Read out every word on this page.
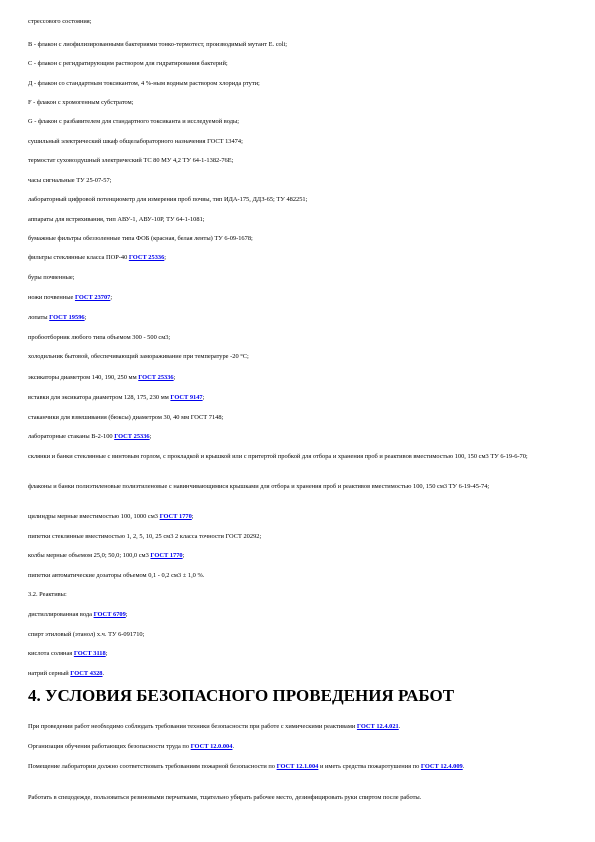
стрессового состояния;

B - флакон с лиофилизированными бактериями тонко-термотест, производимый мутант E. coli;

C - флакон с регидратирующим раствором для гидратирования бактерий;

Д - флакон со стандартным токсикантом, 4 %-ным водным раствором хлорида ртути;

F - флакон с хромогенным субстратом;

G - флакон с разбавителем для стандартного токсиканта и исследуемой воды;

сушильный электрический шкаф общелабораторного назначения ГОСТ 13474;

термостат суховоздушный электрический ТС 80 МУ 4,2 ТУ 64-1-1382-76Е;

часы сигнальные ТУ 25-07-57;

лабораторный цифровой потенциометр для измерения проб почвы, тип ИДА-175, ДДЗ-65; ТУ 482251;

аппараты для встряхивания, тип АВУ-1, АВУ-10Р, ТУ 64-1-1081;

бумажные фильтры обеззоленные типа ФОБ (красная, белая ленты) ТУ 6-09-1678;

фильтры стеклянные класса ПОР-40 ГОСТ 25336;

буры почвенные;

ножи почвенные ГОСТ 23707;

лопаты ГОСТ 19596;

пробоотборник любого типа объемом 300 - 500 см3;

холодильник бытовой, обеспечивающий замораживание при температуре -20 °С;

эксикаторы диаметром 140, 190, 250 мм ГОСТ 25336;

вставки для эксикатора диаметром 128, 175, 230 мм ГОСТ 9147;

стаканчики для взвешивания (бюксы) диаметром 30, 40 мм ГОСТ 7148;

лабораторные стаканы В-2-100 ГОСТ 25336;

склянки и банки стеклянные с винтовым горлом, с прокладкой и крышкой или с притертой пробкой для отбора и хранения проб и реактивов вместимостью 100, 150 см3 ТУ 6-19-6-70;

флаконы и банки полиэтиленовые полиэтиленовые с навинчивающимися крышками для отбора и хранения проб и реактивов вместимостью 100, 150 см3 ТУ 6-19-45-74;

цилиндры мерные вместимостью 100, 1000 см3 ГОСТ 1770;

пипетки стеклянные вместимостью 1, 2, 5, 10, 25 см3 2 класса точности ГОСТ 20292;

колбы мерные объемом 25,0; 50,0; 100,0 см3 ГОСТ 1770;

пипетки автоматические дозаторы объемом 0,1 - 0,2 см3 ± 1,0 %.

3.2. Реактивы:

дистиллированная вода ГОСТ 6709;

спирт этиловый (этанол) х.ч. ТУ 6-091710;

кислота соляная ГОСТ 3118;

натрий серный ГОСТ 4328.

4. УСЛОВИЯ БЕЗОПАСНОГО ПРОВЕДЕНИЯ РАБОТ

При проведении работ необходимо соблюдать требования техники безопасности при работе с химическими реактивами ГОСТ 12.4.021.

Организация обучения работающих безопасности труда по ГОСТ 12.0.004.

Помещение лаборатории должно соответствовать требованиям пожарной безопасности по ГОСТ 12.1.004 и иметь средства пожаротушения по ГОСТ 12.4.009.

Работать в спецодежде, пользоваться резиновыми перчатками, тщательно убирать рабочее место, дезинфицировать руки спиртом после работы.
